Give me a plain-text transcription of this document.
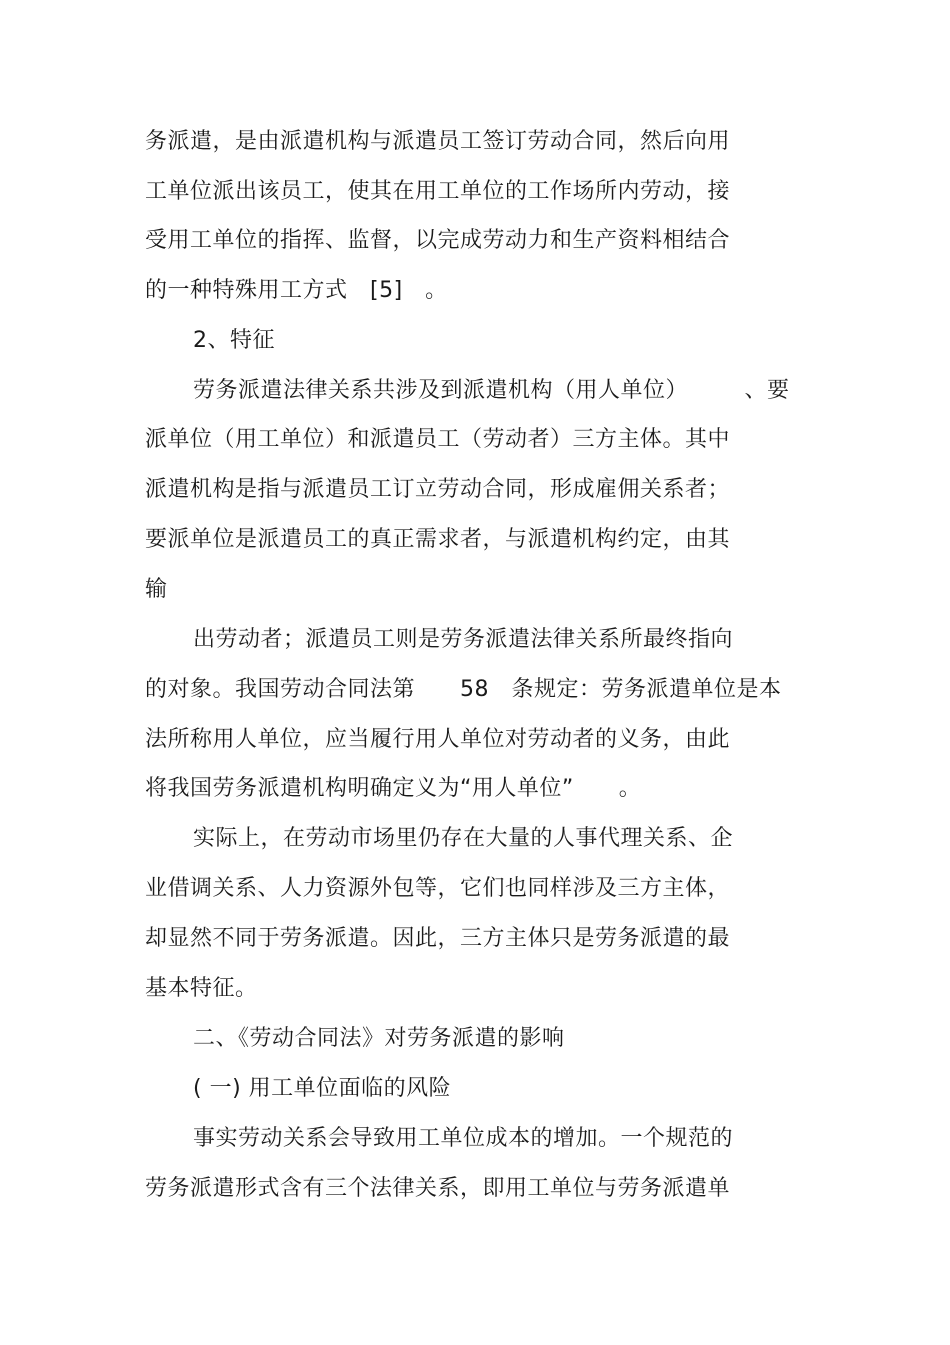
务派遣，是由派遣机构与派遣员工签订劳动合同，然后向用
工单位派出该员工，使其在用工单位的工作场所内劳动，接
受用工单位的指挥、监督，以完成劳动力和生产资料相结合
的一种特殊用工方式　[5]　。
2、特征
劳务派遣法律关系共涉及到派遣机构（用人单位）　　　、要
派单位（用工单位）和派遣员工（劳动者）三方主体。其中
派遣机构是指与派遣员工订立劳动合同，形成雇佣关系者；
要派单位是派遣员工的真正需求者，与派遣机构约定，由其
输
出劳动者；派遣员工则是劳务派遣法律关系所最终指向
的对象。我国劳动合同法第　　58　条规定：劳务派遣单位是本
法所称用人单位，应当履行用人单位对劳动者的义务，由此
将我国劳务派遣机构明确定义为“用人单位”　　。
实际上，在劳动市场里仍存在大量的人事代理关系、企
业借调关系、人力资源外包等，它们也同样涉及三方主体，
却显然不同于劳务派遣。因此，三方主体只是劳务派遣的最
基本特征。
二、《劳动合同法》对劳务派遣的影响
( 一) 用工单位面临的风险
事实劳动关系会导致用工单位成本的增加。一个规范的
劳务派遣形式含有三个法律关系，即用工单位与劳务派遣单
